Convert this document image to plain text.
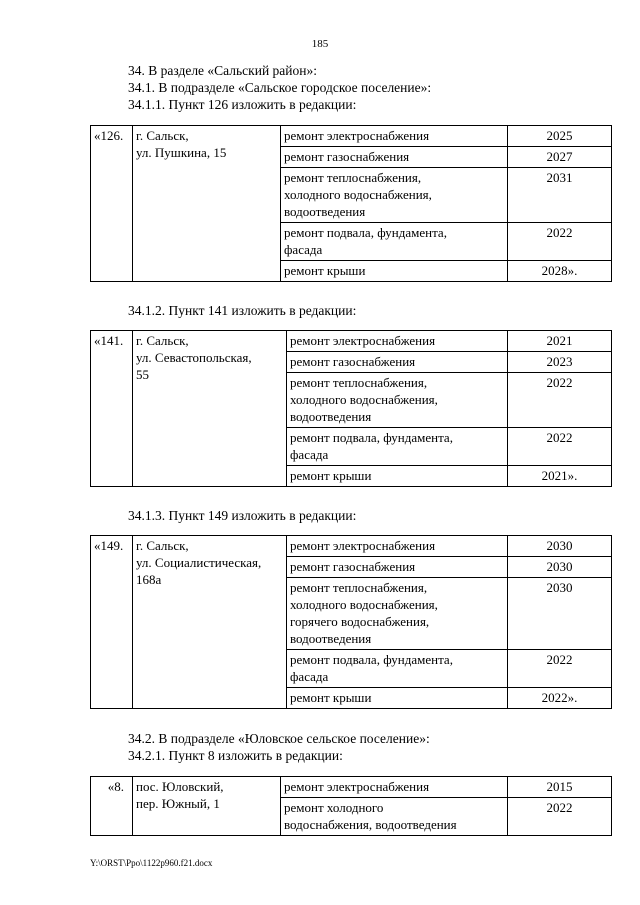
185
34. В разделе «Сальский район»:
34.1. В подразделе «Сальское городское поселение»:
34.1.1. Пункт 126 изложить в редакции:
«126.	г. Сальск,
ул. Пушкина, 15	ремонт электроснабжения	2025

		ремонт газоснабжения	2027

		ремонт теплоснабжения,
холодного водоснабжения,
водоотведения	2031

		ремонт подвала, фундамента,
фасада	2022

		ремонт крыши	2028».
34.1.2. Пункт 141 изложить в редакции:
«141.	г. Сальск,
ул. Севастопольская,
55	ремонт электроснабжения	2021

		ремонт газоснабжения	2023

		ремонт теплоснабжения,
холодного водоснабжения,
водоотведения	2022

		ремонт подвала, фундамента,
фасада	2022

		ремонт крыши	2021».
34.1.3. Пункт 149 изложить в редакции:
«149.	г. Сальск,
ул. Социалистическая,
168а	ремонт электроснабжения	2030

		ремонт газоснабжения	2030

		ремонт теплоснабжения,
холодного водоснабжения,
горячего водоснабжения,
водоотведения	2030

		ремонт подвала, фундамента,
фасада	2022

		ремонт крыши	2022».
34.2. В подразделе «Юловское сельское поселение»:
34.2.1. Пункт 8 изложить в редакции:
«8.	пос. Юловский,
пер. Южный, 1	ремонт электроснабжения	2015

		ремонт холодного
водоснабжения, водоотведения	2022
Y:\ORST\Ppo\1122p960.f21.docx
